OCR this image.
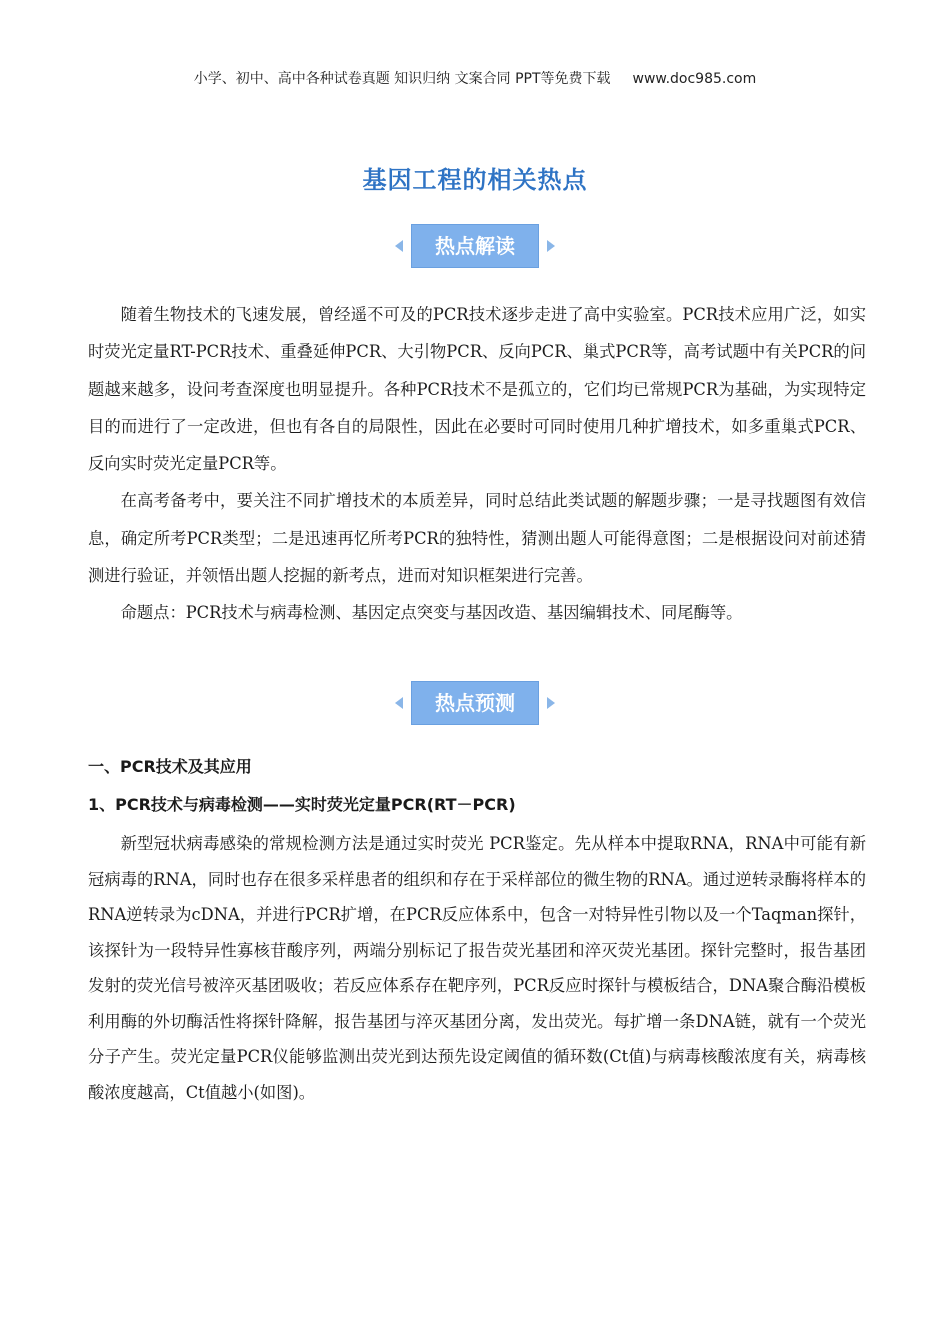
小学、初中、高中各种试卷真题 知识归纳 文案合同 PPT等免费下载 www.doc985.com
基因工程的相关热点
热点解读

随着生物技术的飞速发展，曾经遥不可及的PCR技术逐步走进了高中实验室。PCR技术应用广泛，如实时荧光定量RT-PCR技术、重叠延伸PCR、大引物PCR、反向PCR、巢式PCR等，高考试题中有关PCR的问题越来越多，设问考查深度也明显提升。各种PCR技术不是孤立的，它们均已常规PCR为基础，为实现特定目的而进行了一定改进，但也有各自的局限性，因此在必要时可同时使用几种扩增技术，如多重巢式PCR、反向实时荧光定量PCR等。

在高考备考中，要关注不同扩增技术的本质差异，同时总结此类试题的解题步骤；一是寻找题图有效信息，确定所考PCR类型；二是迅速再忆所考PCR的独特性，猜测出题人可能得意图；二是根据设问对前述猜测进行验证，并领悟出题人挖掘的新考点，进而对知识框架进行完善。

命题点：PCR技术与病毒检测、基因定点突变与基因改造、基因编辑技术、同尾酶等。

热点预测
一、PCR技术及其应用
1、PCR技术与病毒检测——实时荧光定量PCR(RT－PCR)

新型冠状病毒感染的常规检测方法是通过实时荧光 PCR鉴定。先从样本中提取RNA，RNA中可能有新冠病毒的RNA，同时也存在很多采样患者的组织和存在于采样部位的微生物的RNA。通过逆转录酶将样本的RNA逆转录为cDNA，并进行PCR扩增，在PCR反应体系中，包含一对特异性引物以及一个Taqman探针，该探针为一段特异性寡核苷酸序列，两端分别标记了报告荧光基团和淬灭荧光基团。探针完整时，报告基团发射的荧光信号被淬灭基团吸收；若反应体系存在靶序列，PCR反应时探针与模板结合，DNA聚合酶沿模板利用酶的外切酶活性将探针降解，报告基团与淬灭基团分离，发出荧光。每扩增一条DNA链，就有一个荧光分子产生。荧光定量PCR仪能够监测出荧光到达预先设定阈值的循环数(Ct值)与病毒核酸浓度有关，病毒核酸浓度越高，Ct值越小(如图)。
